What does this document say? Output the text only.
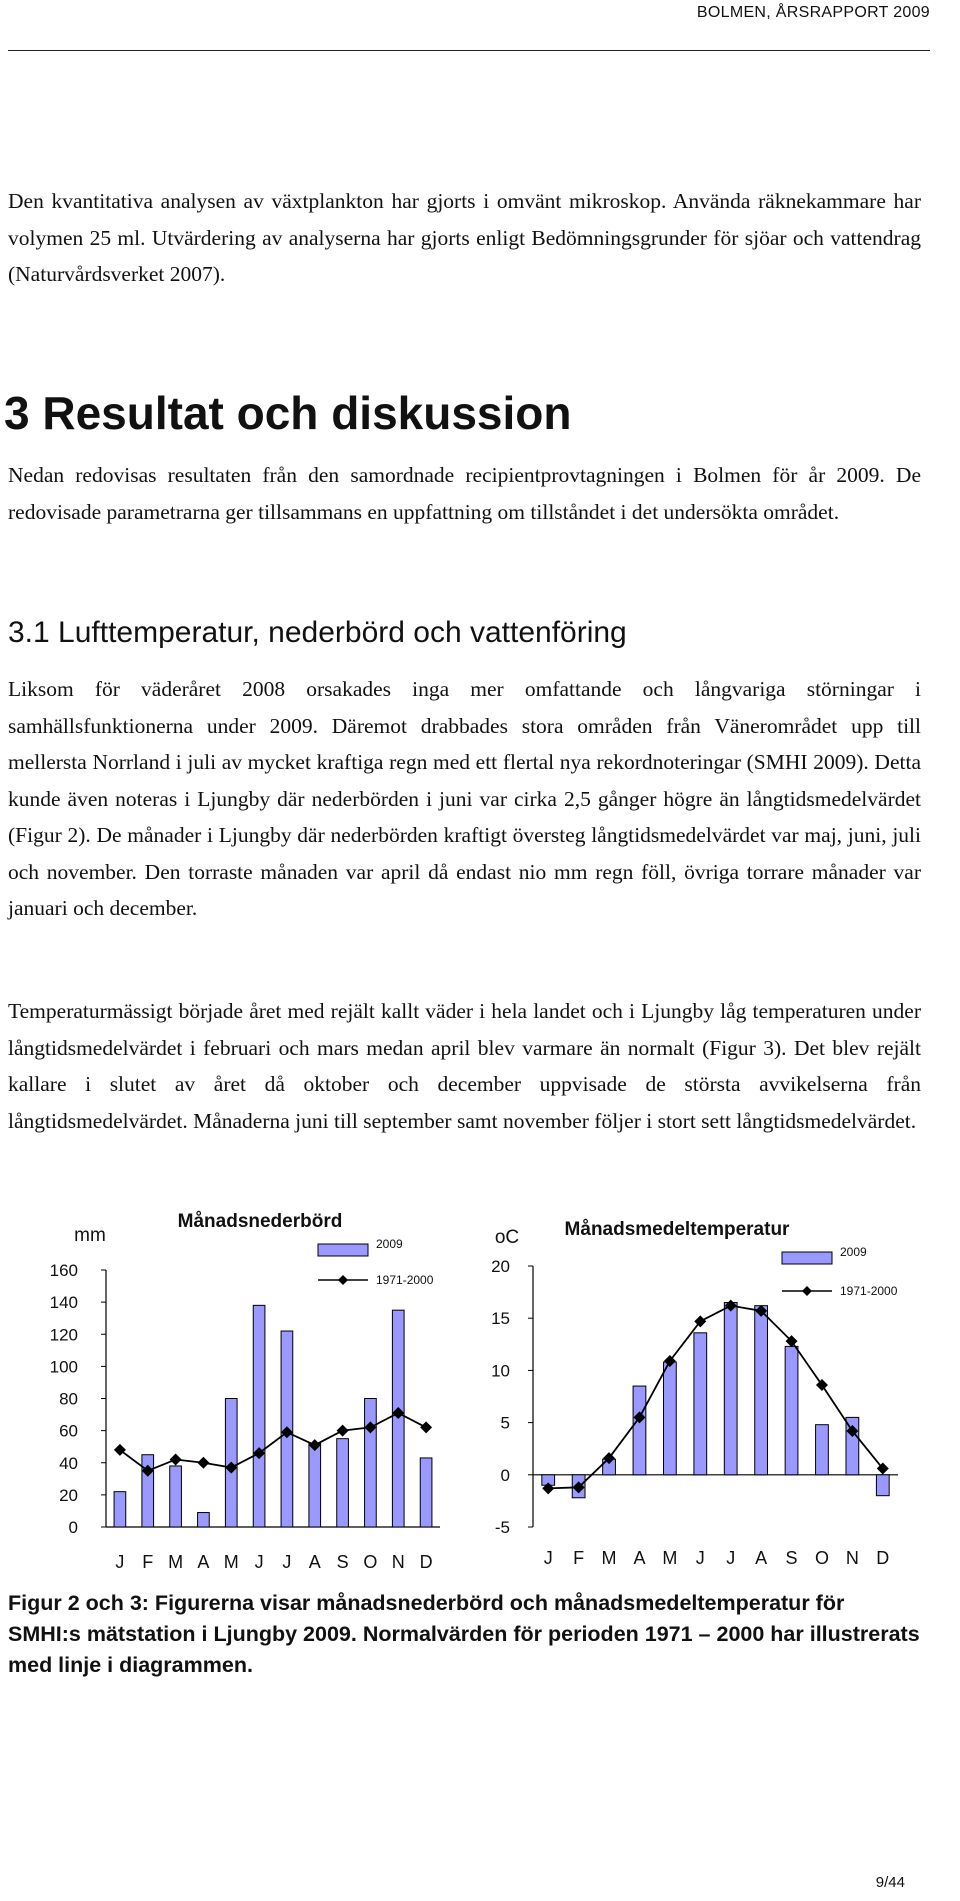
BOLMEN, ÅRSRAPPORT 2009

Den kvantitativa analysen av växtplankton har gjorts i omvänt mikroskop. Använda räknekammare har volymen 25 ml. Utvärdering av analyserna har gjorts enligt Bedömningsgrunder för sjöar och vattendrag (Naturvårdsverket 2007).

3 Resultat och diskussion

Nedan redovisas resultaten från den samordnade recipientprovtagningen i Bolmen för år 2009. De redovisade parametrarna ger tillsammans en uppfattning om tillståndet i det undersökta området.

3.1 Lufttemperatur, nederbörd och vattenföring

Liksom för väderåret 2008 orsakades inga mer omfattande och långvariga störningar i samhällsfunktionerna under 2009. Däremot drabbades stora områden från Vänerområdet upp till mellersta Norrland i juli av mycket kraftiga regn med ett flertal nya rekordnoteringar (SMHI 2009). Detta kunde även noteras i Ljungby där nederbörden i juni var cirka 2,5 gånger högre än långtidsmedelvärdet (Figur 2). De månader i Ljungby där nederbörden kraftigt översteg långtidsmedelvärdet var maj, juni, juli och november. Den torraste månaden var april då endast nio mm regn föll, övriga torrare månader var januari och december.

Temperaturmässigt började året med rejält kallt väder i hela landet och i Ljungby låg temperaturen under långtidsmedelvärdet i februari och mars medan april blev varmare än normalt (Figur 3). Det blev rejält kallare i slutet av året då oktober och december uppvisade de största avvikelserna från långtidsmedelvärdet. Månaderna juni till september samt november följer i stort sett långtidsmedelvärdet.

Månadsnederbörd
mm
0
20
40
60
80
100
120
140
160
J F M A M J J A S O N D
2009
1971-2000
Månadsmedeltemperatur
oC
-5
0
5
10
15
20
J F M A M J J A S O N D
2009
1971-2000

Figur 2 och 3: Figurerna visar månadsnederbörd och månadsmedeltemperatur för SMHI:s mätstation i Ljungby 2009. Normalvärden för perioden 1971 – 2000 har illustrerats med linje i diagrammen.

9/44
